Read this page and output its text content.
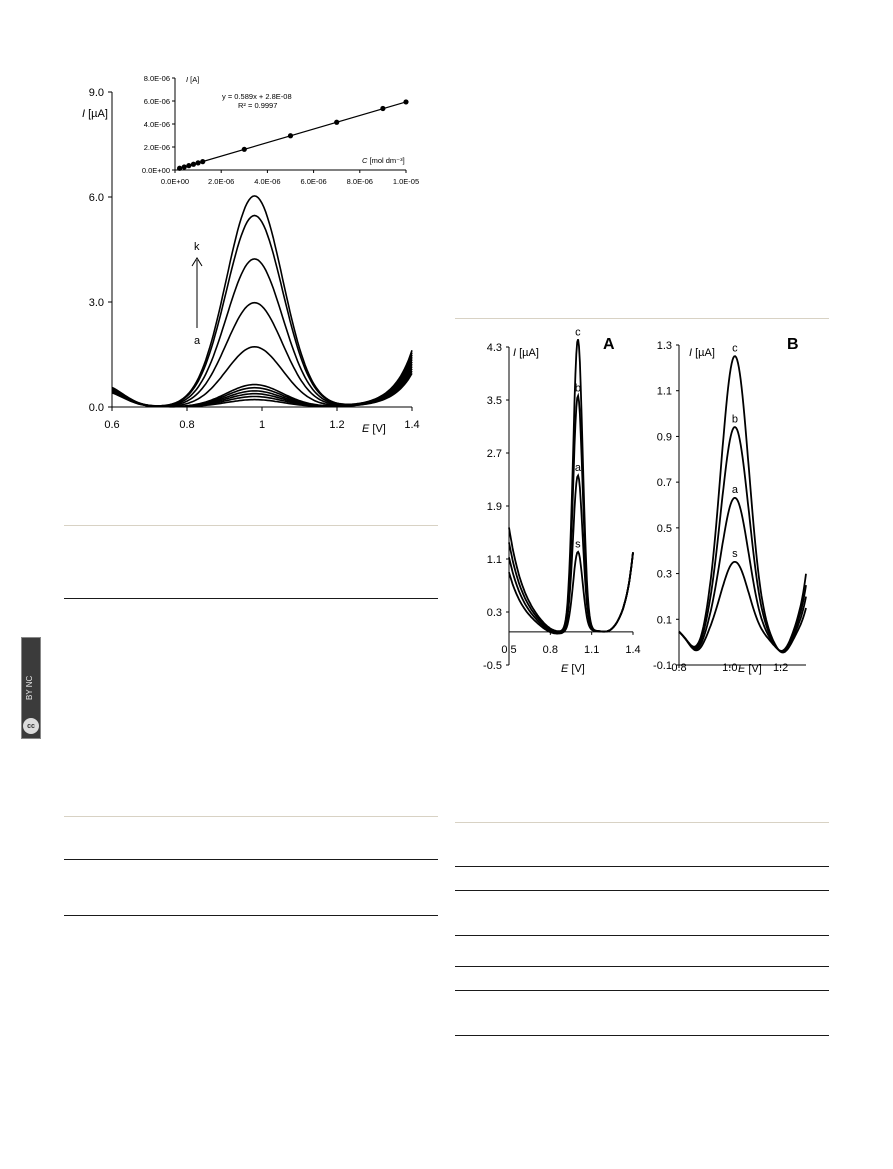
BY NC
cc
0.0
3.0
6.0
9.0
0.6	0.8	1	1.2	1.4
I [µA]
E [V]
k
a
0.0E+00
2.0E-06
4.0E-06
6.0E-06
8.0E-06
0.0E+00	2.0E-06	4.0E-06	6.0E-06	8.0E-06	1.0E-05
I [A]
C [mol dm⁻³]
y = 0.589x + 2.8E-08
R² = 0.9997
4.3
3.5
2.7
1.9
1.1
0.3
-0.5
0.5 0.8 1.1 1.4
I [µA]
E [V]
A
s
a
b
c
1.3
1.1
0.9
0.7
0.5
0.3
0.1
-0.1 0.8	1.0	1.2
I [µA]
E [V]
B
s
a
b
c
